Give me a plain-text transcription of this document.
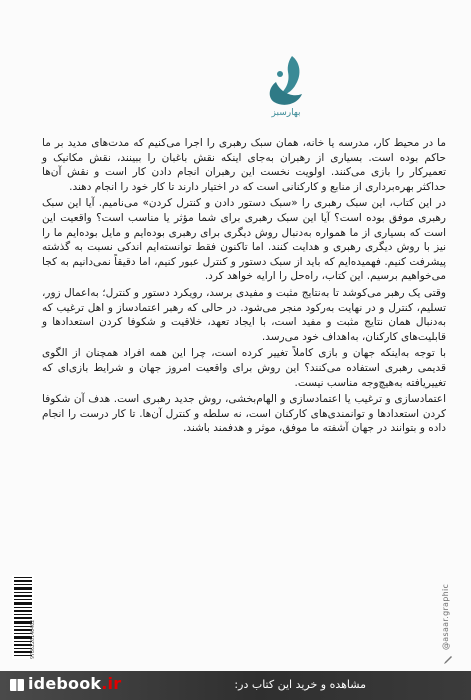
بهارسبز

ما در محیط کار، مدرسه یا خانه، همان سبک رهبری را اجرا می‌کنیم که مدت‌های مدید بر ما حاکم بوده است. بسیاری از رهبران به‌جای اینکه نقش باغبان را ببینند، نقش مکانیک و تعمیرکار را بازی می‌کنند. اولویت نخست این رهبران انجام دادن کار است و نقش آن‌ها حداکثر بهره‌برداری از منابع و کارکنانی است که در اختیار دارند تا کار خود را انجام دهند.

در این کتاب، این سبک رهبری را «سبک دستور دادن و کنترل کردن» می‌نامیم. آیا این سبک رهبری موفق بوده است؟ آیا این سبک رهبری برای شما مؤثر یا مناسب است؟ واقعیت این است که بسیاری از ما همواره به‌دنبال روش دیگری برای رهبری بوده‌ایم و مایل بوده‌ایم ما را نیز با روش دیگری رهبری و هدایت کنند. اما تاکنون فقط توانسته‌ایم اندکی نسبت به گذشته پیشرفت کنیم. فهمیده‌ایم که باید از سبک دستور و کنترل عبور کنیم، اما دقیقاً نمی‌دانیم به کجا می‌خواهیم برسیم. این کتاب، راه‌حل را ارایه خواهد کرد.

وقتی یک رهبر می‌کوشد تا به‌نتایج مثبت و مفیدی برسد، رویکرد دستور و کنترل؛ به‌اعمال زور، تسلیم، کنترل و در نهایت به‌رکود منجر می‌شود. در حالی که رهبر اعتمادساز و اهل ترغیب که به‌دنبال همان نتایج مثبت و مفید است، با ایجاد تعهد، خلاقیت و شکوفا کردن استعدادها و قابلیت‌های کارکنان، به‌اهداف خود می‌رسد.

با توجه به‌اینکه جهان و بازی کاملاً تغییر کرده است، چرا این همه افراد همچنان از الگوی قدیمی رهبری استفاده می‌کنند؟ این روش برای واقعیت امروز جهان و شرایط بازی‌ای که تغییریافته به‌هیچ‌وجه مناسب نیست.

اعتمادسازی و ترغیب یا اعتمادسازی و الهام‌بخشی، روش جدید رهبری است. هدف آن شکوفا کردن استعدادها و توانمندی‌های کارکنان است، نه سلطه و کنترل آن‌ها. تا کار درست را انجام داده و بتوانند در جهان آشفته ما موفق، موثر و هدفمند باشند.

@asaar.graphic
9786226140402
مشاهده و خرید این کتاب در:
idebook.ir
